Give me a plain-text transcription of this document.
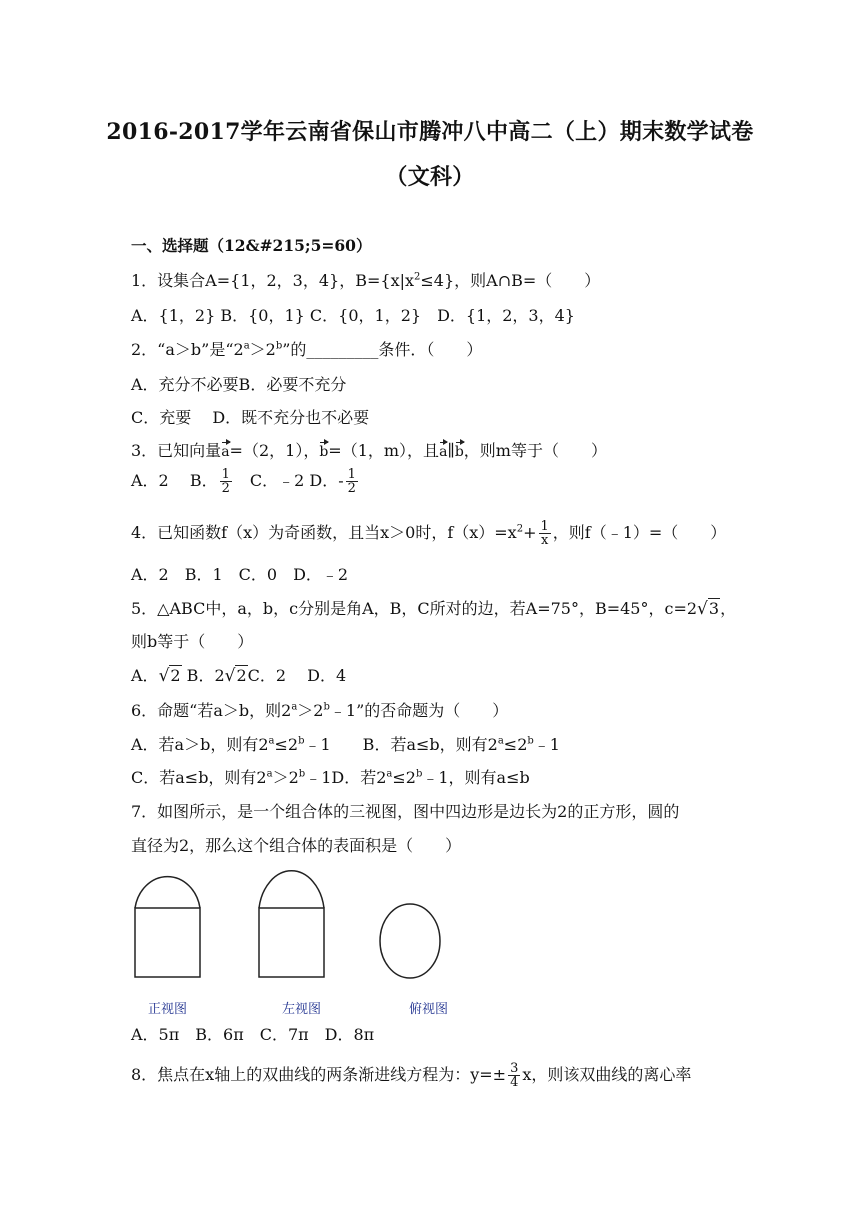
2016-2017学年云南省保山市腾冲八中高二（上）期末数学试卷
（文科）
一、选择题（12&#215;5=60）
1．设集合A={1，2，3，4}，$B=\{x|x^2\le 4\}$，则A∩B=（　　）
A．{1，2} B．{0，1} C．{0，1，2}　D．{1，2，3，4}
2．“a＞b”是“$2^a>2^b$”的_________条件．（　　）
A．充分不必要B．必要不充分
C．充要　 D．既不充分也不必要
3．已知向量a=（2，1），b=（1，m），且a∥b，则m等于（　　）
A．2　 B． $\frac{1}{2}$ 　C．﹣2 D．- $\frac{1}{2}$
4．已知函数f（x）为奇函数，且当x＞0时，$f(x)=x^2+ \frac{1}{x}$ ，则f（﹣1）=（　　）
A．2　B．1　C．0　D．﹣2
5．△ABC中，a，b，c分别是角A，B，C所对的边，若A=75°，B=45°，c=2√3，
则b等于（　　）
A．√2 B．2√2C．2　 D．4
6．命题“若a＞b，则$2^a>2^b﹣1$”的否命题为（　　）
A．若a＞b，则有$2^a\le 2^b﹣1$　　B．若a≤b，则有$2^a\le 2^b﹣1$
C．若a≤b，则有$2^a>2^b﹣1D$．若$2^a\le 2^b﹣1$，则有a≤b
7．如图所示，是一个组合体的三视图，图中四边形是边长为2的正方形，圆的
直径为2，那么这个组合体的表面积是（　　）
正视图	左视图	俯视图
A．5π　B．6π　C．7π　D．8π
8．焦点在x轴上的双曲线的两条渐进线方程为：$y=\pm \frac{3}{4}$ x，则该双曲线的离心率
